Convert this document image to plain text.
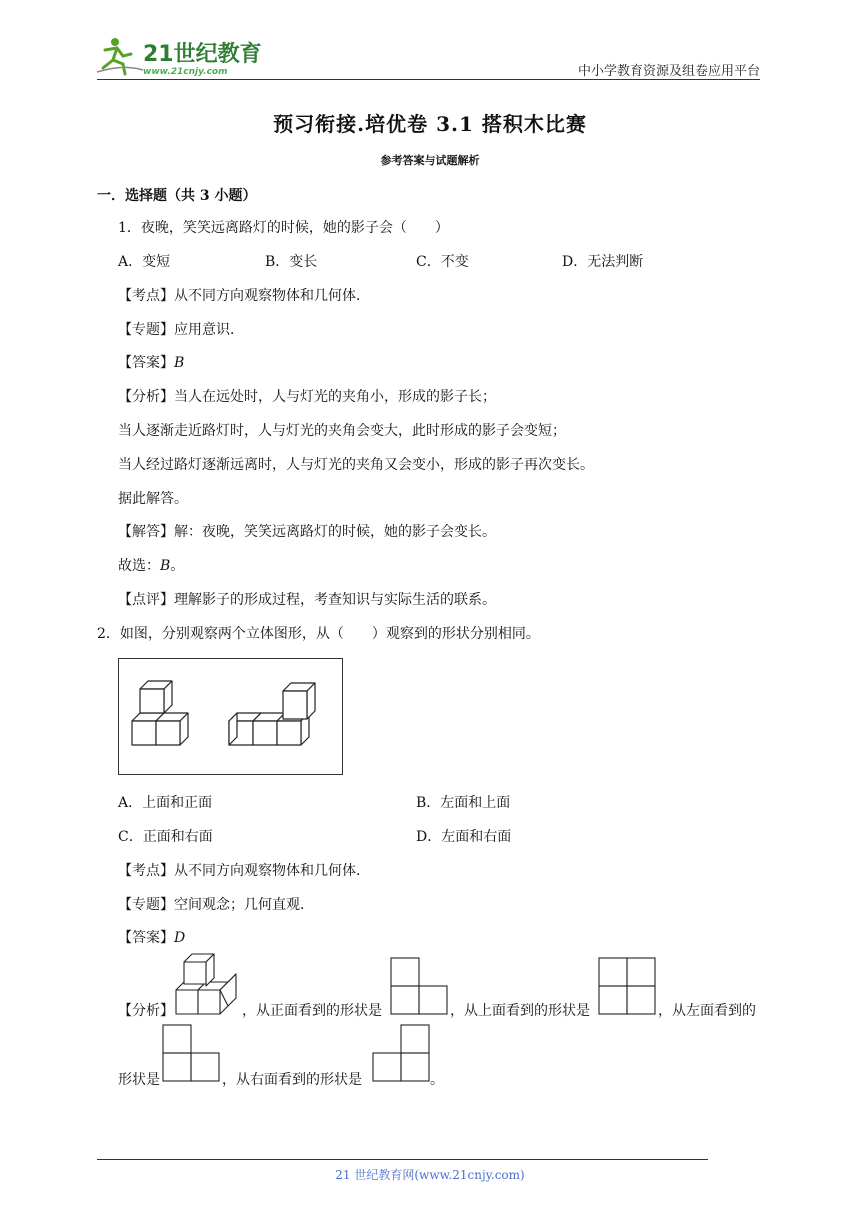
21世纪教育
www.21cnjy.com	中小学教育资源及组卷应用平台
预习衔接.培优卷 3.1 搭积木比赛
参考答案与试题解析
一．选择题（共 3 小题）
1．夜晚，笑笑远离路灯的时候，她的影子会（　　）
A．变短	B．变长	C．不变	D．无法判断
【考点】从不同方向观察物体和几何体．
【专题】应用意识．
【答案】B
【分析】当人在远处时，人与灯光的夹角小，形成的影子长；
当人逐渐走近路灯时，人与灯光的夹角会变大，此时形成的影子会变短；
当人经过路灯逐渐远离时，人与灯光的夹角又会变小，形成的影子再次变长。
据此解答。
【解答】解：夜晚，笑笑远离路灯的时候，她的影子会变长。
故选：B。
【点评】理解影子的形成过程，考查知识与实际生活的联系。
2．如图，分别观察两个立体图形，从（　　）观察到的形状分别相同。
A．上面和正面	B．左面和上面
C．正面和右面	D．左面和右面
【考点】从不同方向观察物体和几何体．
【专题】空间观念；几何直观．
【答案】D
【分析】	，从正面看到的形状是	，从上面看到的形状是	，从左面看到的
形状是	，从右面看到的形状是	。
21 世纪教育网(www.21cnjy.com)
